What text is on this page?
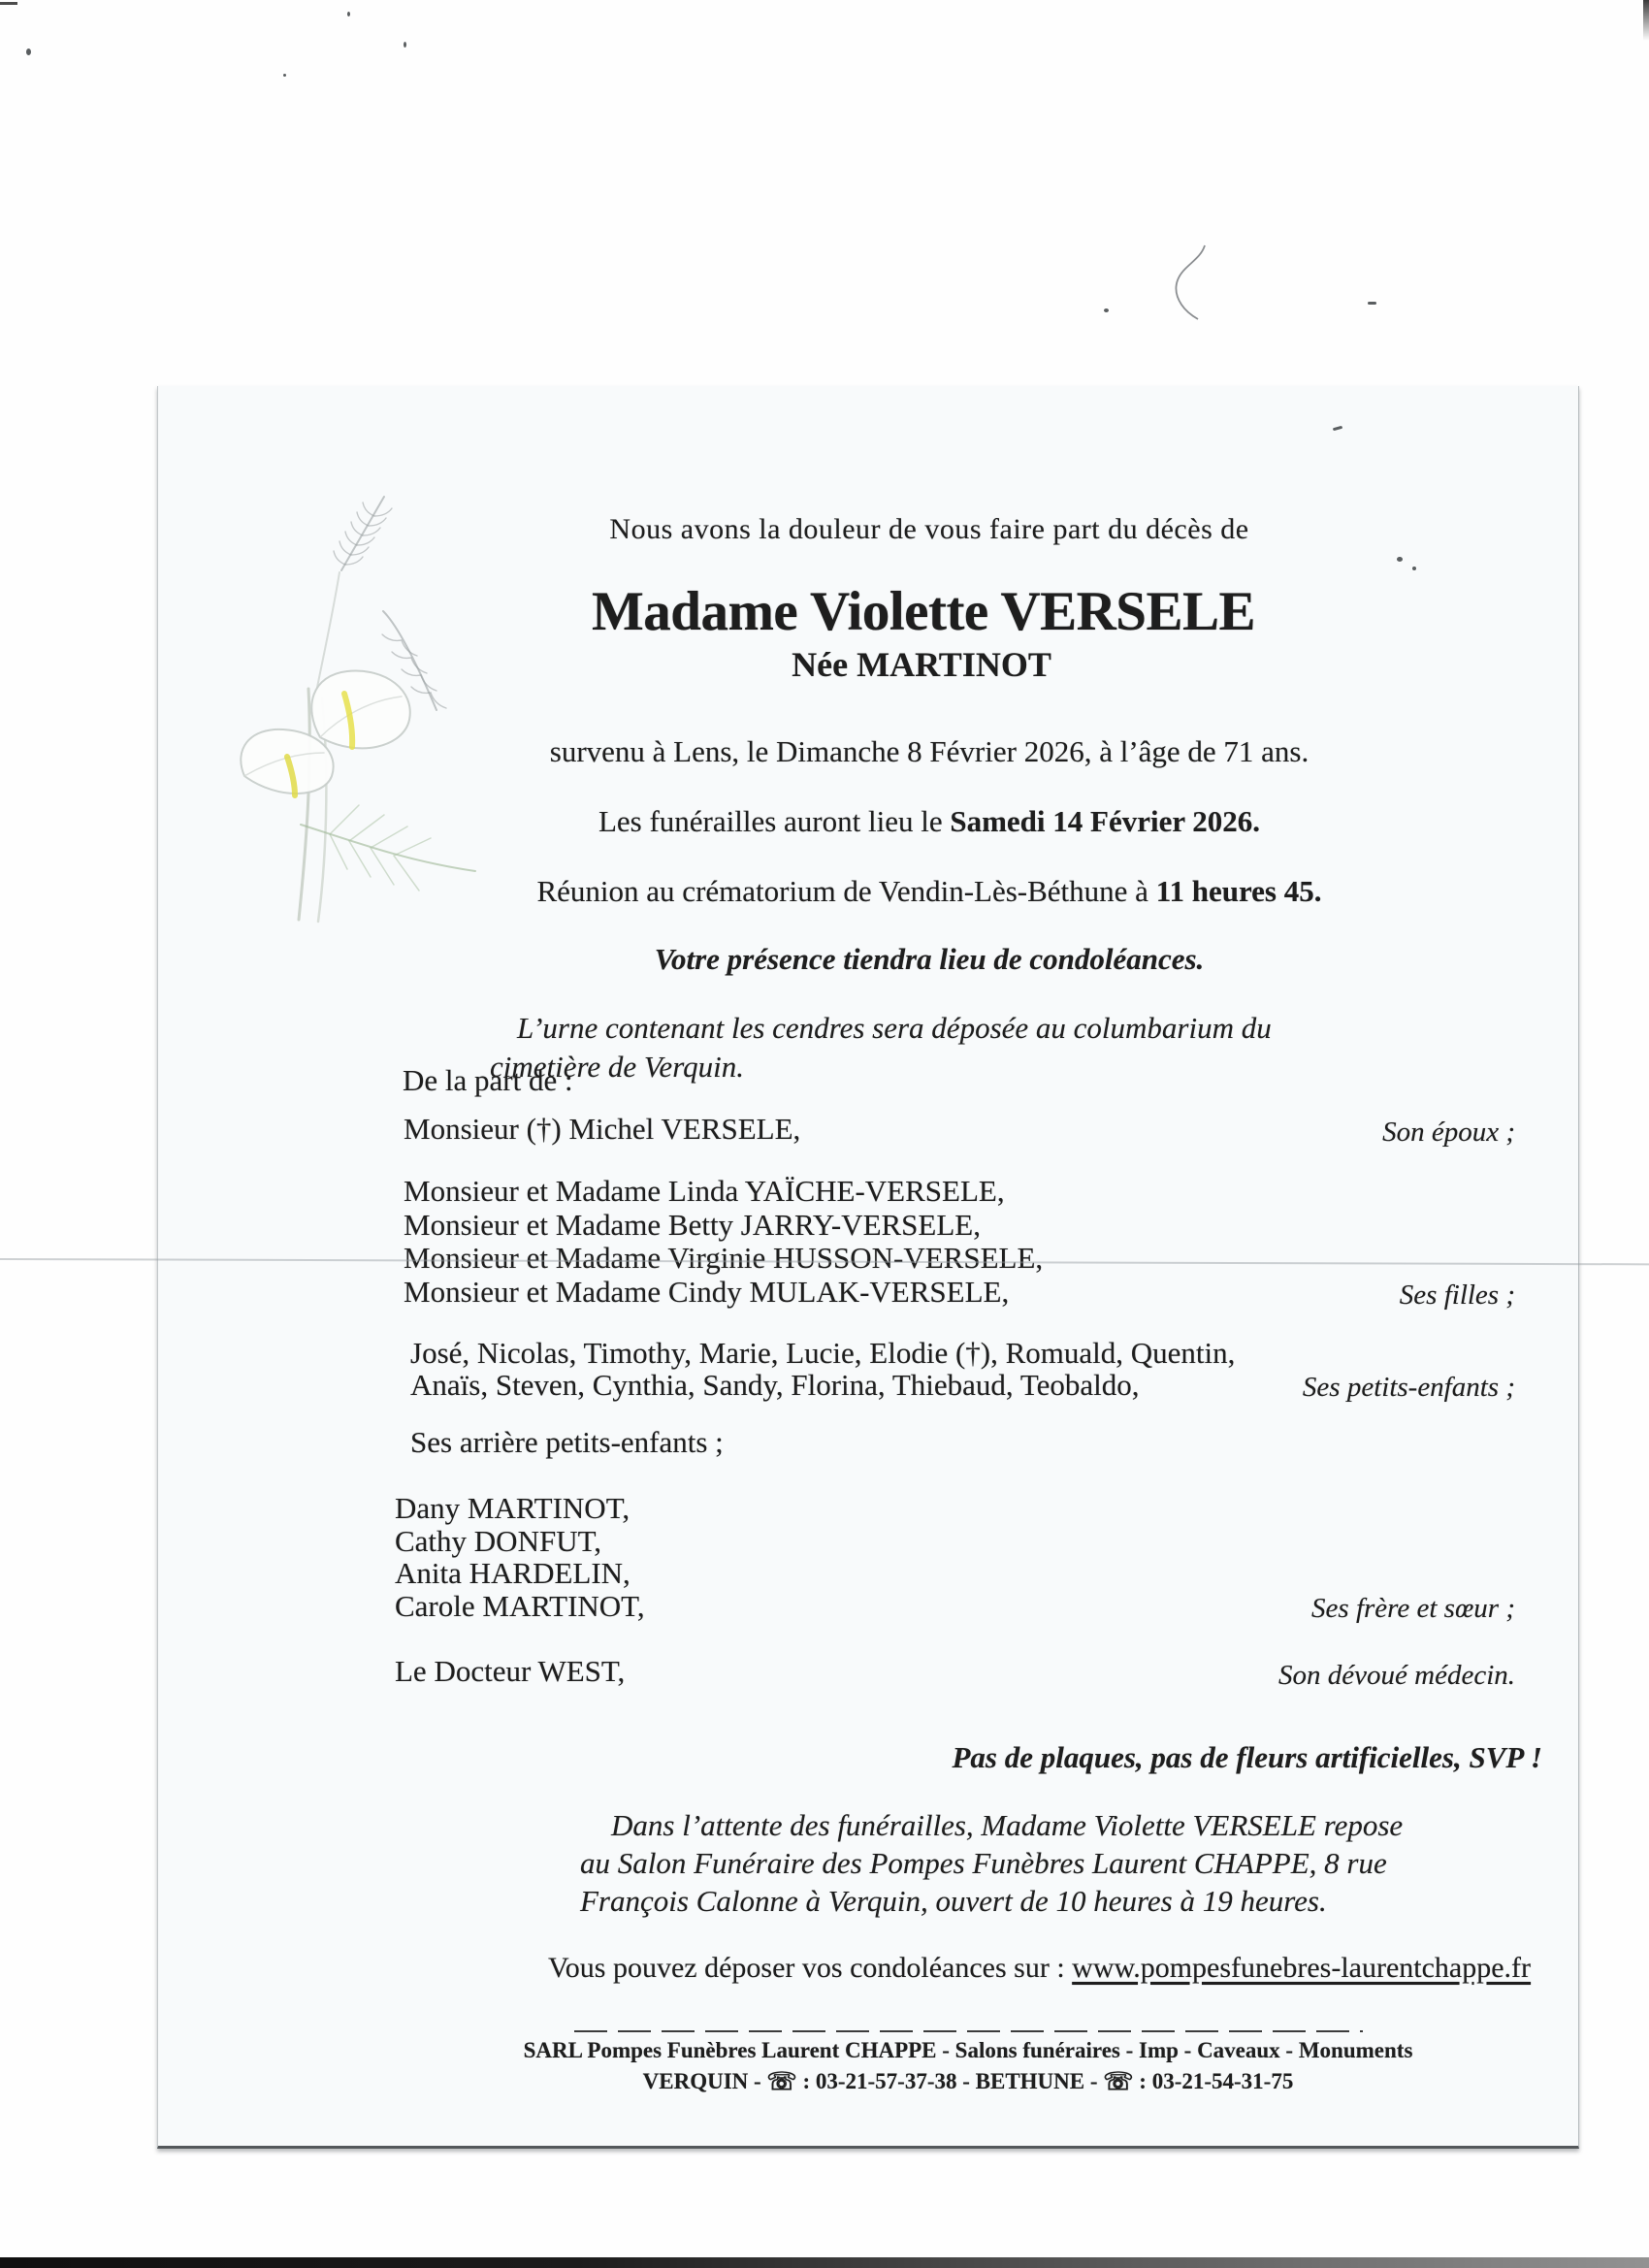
Nous avons la douleur de vous faire part du décès de
Madame Violette VERSELE
Née MARTINOT
survenu à Lens, le Dimanche 8 Février 2026, à l’âge de 71 ans.
Les funérailles auront lieu le Samedi 14 Février 2026.
Réunion au crématorium de Vendin-Lès-Béthune à 11 heures 45.
Votre présence tiendra lieu de condoléances.
L’urne contenant les cendres sera déposée au columbarium du cimetière de Verquin.
De la part de :
Monsieur (†) Michel VERSELE,	Son époux ;
Monsieur et Madame Linda YAÏCHE-VERSELE,
Monsieur et Madame Betty JARRY-VERSELE,
Monsieur et Madame Virginie HUSSON-VERSELE,
Monsieur et Madame Cindy MULAK-VERSELE,	Ses filles ;
José, Nicolas, Timothy, Marie, Lucie, Elodie (†), Romuald, Quentin,
Anaïs, Steven, Cynthia, Sandy, Florina, Thiebaud, Teobaldo,	Ses petits-enfants ;
Ses arrière petits-enfants ;
Dany MARTINOT,
Cathy DONFUT,
Anita HARDELIN,
Carole MARTINOT,	Ses frère et sœur ;
Le Docteur WEST,	Son dévoué médecin.
Pas de plaques, pas de fleurs artificielles, SVP !
Dans l’attente des funérailles, Madame Violette VERSELE repose au Salon Funéraire des Pompes Funèbres Laurent CHAPPE, 8 rue François Calonne à Verquin, ouvert de 10 heures à 19 heures.
Vous pouvez déposer vos condoléances sur : www.pompesfunebres-laurentchappe.fr
SARL Pompes Funèbres Laurent CHAPPE - Salons funéraires - Imp - Caveaux - Monuments
VERQUIN - ☏ : 03-21-57-37-38 - BETHUNE - ☏ : 03-21-54-31-75
